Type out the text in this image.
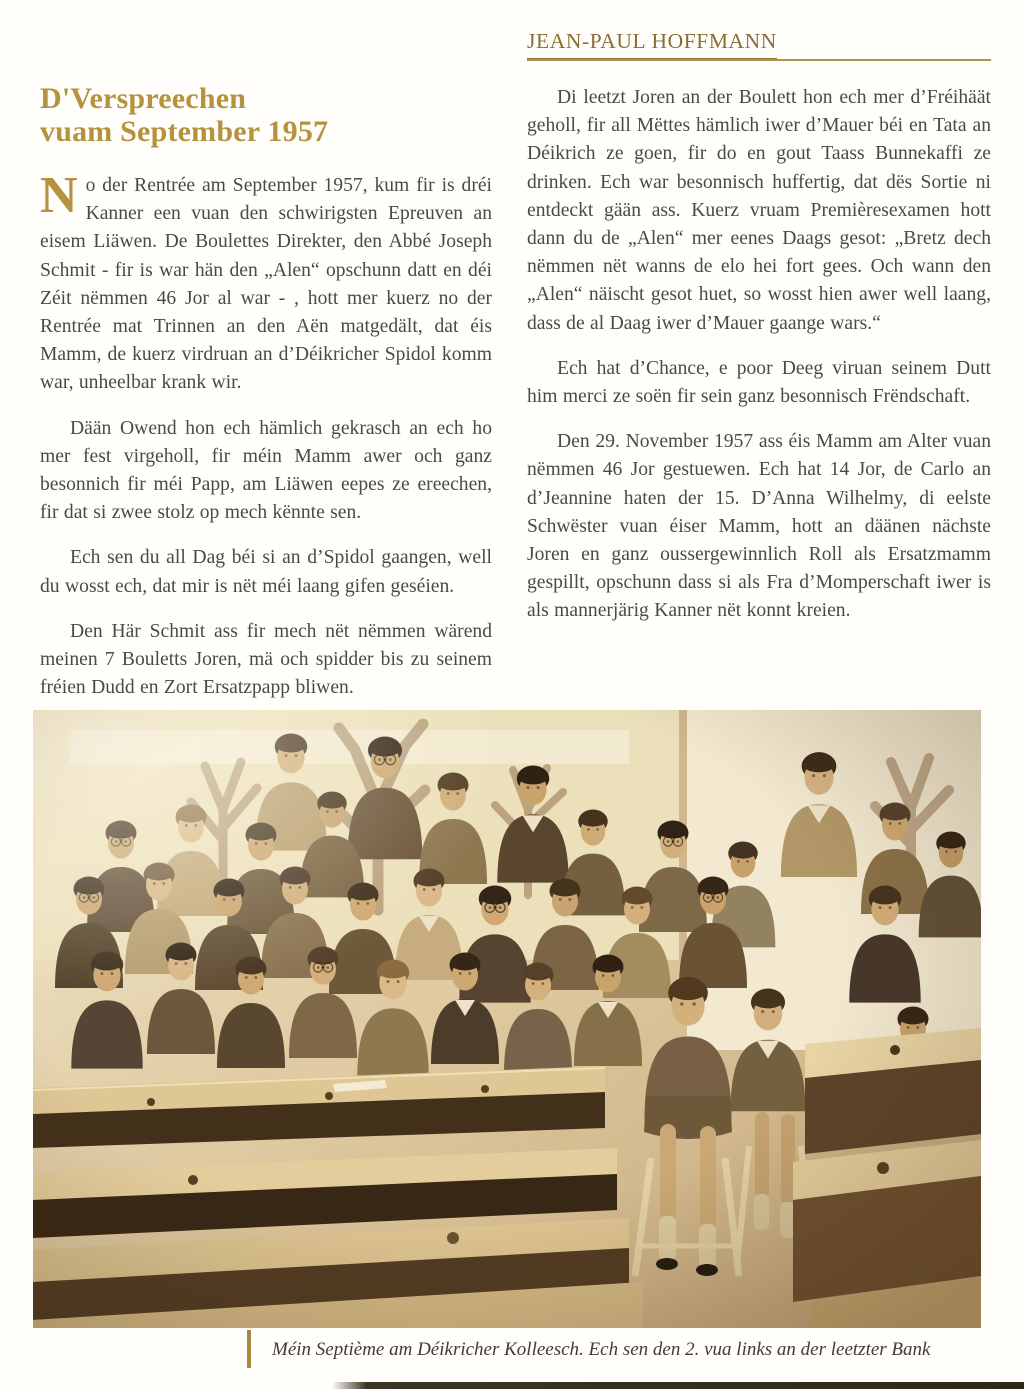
JEAN-PAUL HOFFMANN
D'Verspreechen
vuam September 1957

No der Rentrée am September 1957, kum fir is dréi Kanner een vuan den schwirigsten Epreuven an eisem Liäwen. De Boulettes Direkter, den Abbé Joseph Schmit - fir is war hän den „Alen“ opschunn datt en déi Zéit nëmmen 46 Jor al war - , hott mer kuerz no der Rentrée mat Trinnen an den Aën matgedält, dat éis Mamm, de kuerz virdruan an d’Déikricher Spidol komm war, unheelbar krank wir.

Dään Owend hon ech hämlich gekrasch an ech ho mer fest virgeholl, fir méin Mamm awer och ganz besonnich fir méi Papp, am Liäwen eepes ze ereechen, fir dat si zwee stolz op mech kënnte sen.

Ech sen du all Dag béi si an d’Spidol gaangen, well du wosst ech, dat mir is nët méi laang gifen geséien.

Den Här Schmit ass fir mech nët nëmmen wärend meinen 7 Bouletts Joren, mä och spidder bis zu seinem fréien Dudd en Zort Ersatzpapp bliwen.

Di leetzt Joren an der Boulett hon ech mer d’Fréihäät geholl, fir all Mëttes hämlich iwer d’Mauer béi en Tata an Déikrich ze goen, fir do en gout Taass Bunnekaffi ze drinken. Ech war besonnisch huffertig, dat dës Sortie ni entdeckt gään ass. Kuerz vruam Premièresexamen hott dann du de „Alen“ mer eenes Daags gesot: „Bretz dech nëmmen nët wanns de elo hei fort gees. Och wann den „Alen“ näischt gesot huet, so wosst hien awer well laang, dass de al Daag iwer d’Mauer gaange wars.“

Ech hat d’Chance, e poor Deeg viruan seinem Dutt him merci ze soën fir sein ganz besonnisch Frëndschaft.

Den 29. November 1957 ass éis Mamm am Alter vuan nëmmen 46 Jor gestuewen. Ech hat 14 Jor, de Carlo an d’Jeannine haten der 15. D’Anna Wilhelmy, di eelste Schwëster vuan éiser Mamm, hott an däänen nächste Joren en ganz oussergewinnlich Roll als Ersatzmamm gespillt, opschunn dass si als Fra d’Momperschaft iwer is als mannerjärig Kanner nët konnt kreien.

Méin Septième am Déikricher Kolleesch. Ech sen den 2. vua links an der leetzter Bank
